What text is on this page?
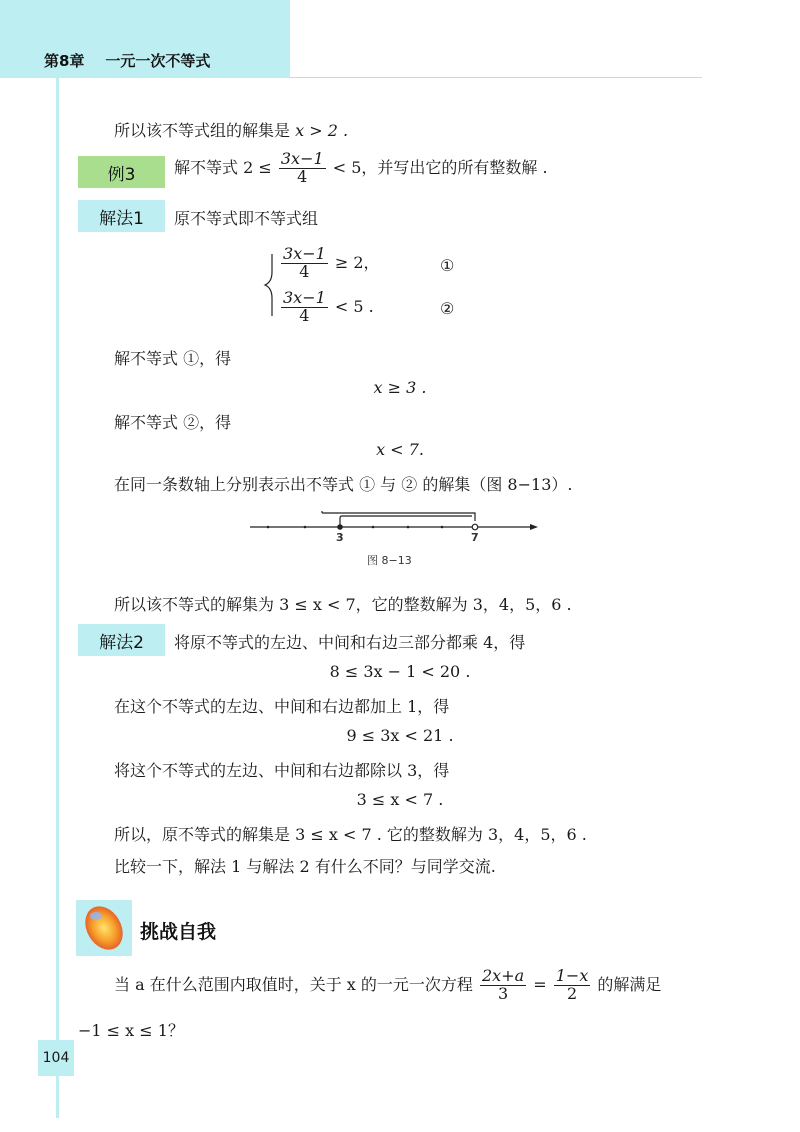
第8章    一元一次不等式
所以该不等式组的解集是 x > 2 .
例3	解不等式 $2 \le \frac{3x-1}{4} < 5$，并写出它的所有整数解 .
解法1	原不等式即不等式组
$\frac{3x-1}{4} \ge 2$，	①
$\frac{3x-1}{4} < 5$ .	②
解不等式 ①，得
x ≥ 3 .
解不等式 ②，得
x < 7.
在同一条数轴上分别表示出不等式 ① 与 ② 的解集（图 8−13）.
3	7
图 8−13
所以该不等式的解集为 3 ≤ x < 7，它的整数解为 3，4，5，6 .
解法2	将原不等式的左边、中间和右边三部分都乘 4，得
8 ≤ 3x − 1 < 20 .
在这个不等式的左边、中间和右边都加上 1，得
9 ≤ 3x < 21 .
将这个不等式的左边、中间和右边都除以 3，得
3 ≤ x < 7 .
所以，原不等式的解集是 3 ≤ x < 7 . 它的整数解为 3，4，5，6 .
比较一下，解法 1 与解法 2 有什么不同？与同学交流.
挑战自我
当 a 在什么范围内取值时，关于 x 的一元一次方程 $\frac{2x+a}{3} = \frac{1-x}{2}$ 的解满足
−1 ≤ x ≤ 1？
104
